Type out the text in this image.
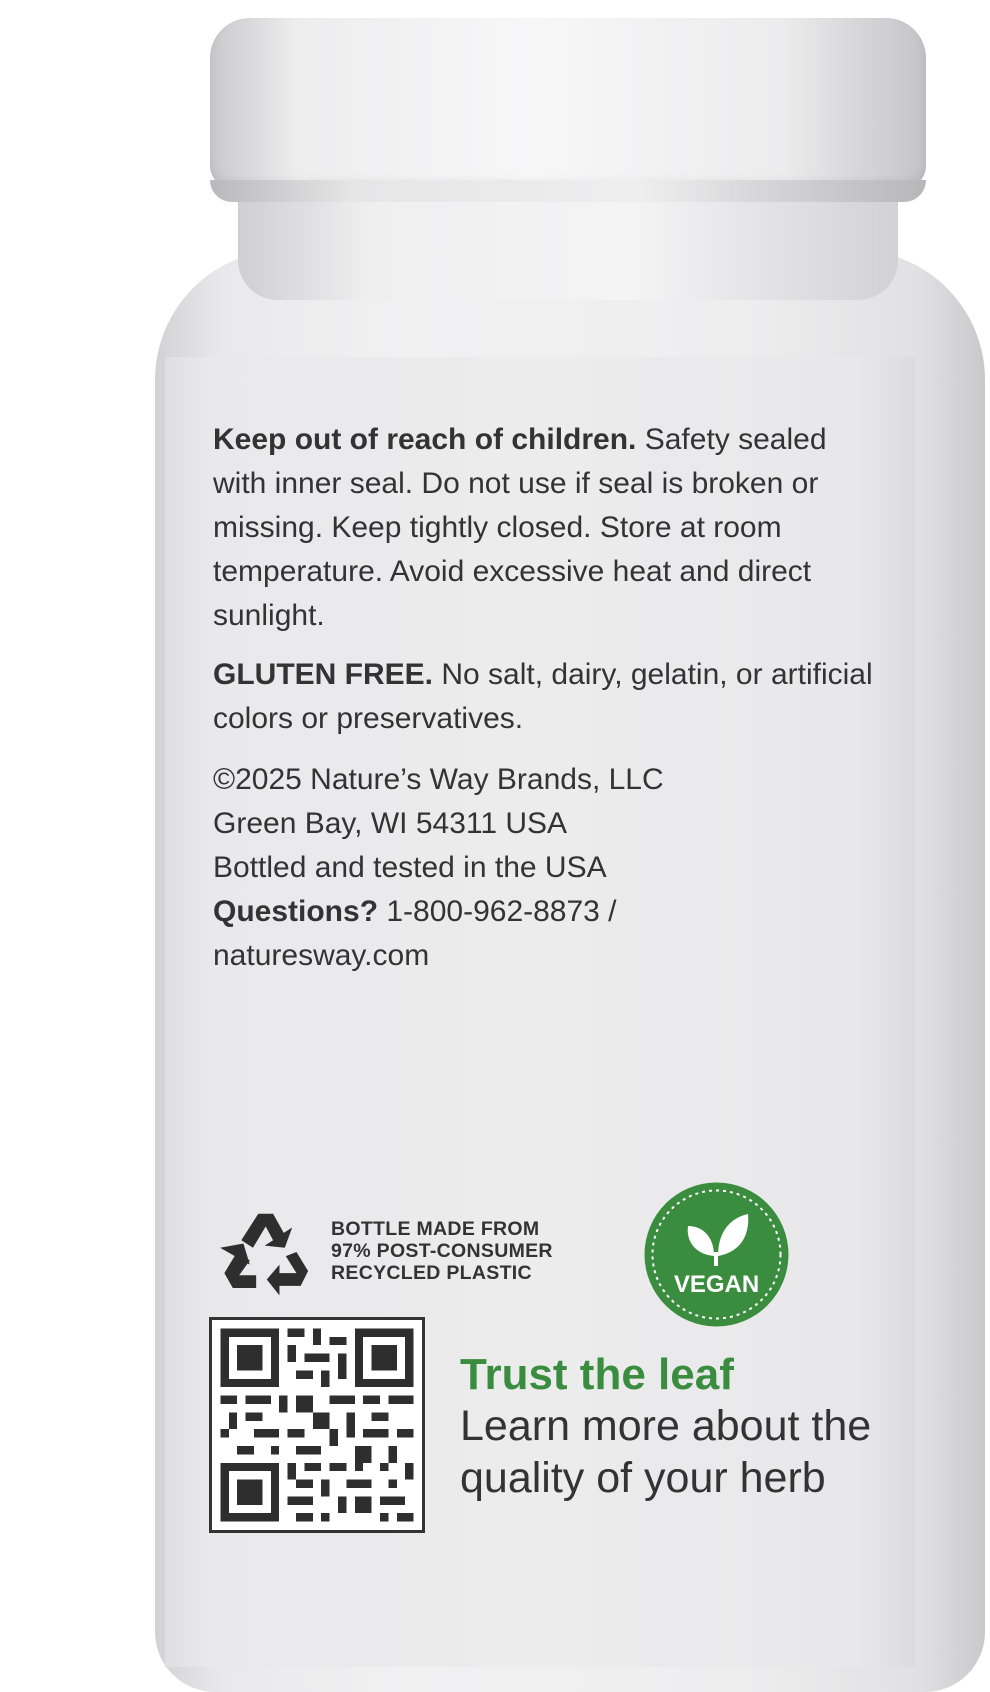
Keep out of reach of children. Safety sealed with inner seal. Do not use if seal is broken or missing. Keep tightly closed. Store at room temperature. Avoid excessive heat and direct sunlight.

GLUTEN FREE. No salt, dairy, gelatin, or artificial colors or preservatives.

©2025 Nature’s Way Brands, LLC
Green Bay, WI 54311 USA
Bottled and tested in the USA
Questions? 1-800-962-8873 /
naturesway.com
BOTTLE MADE FROM
97% POST-CONSUMER
RECYCLED PLASTIC	VEGAN
Trust the leaf
Learn more about the quality of your herb
